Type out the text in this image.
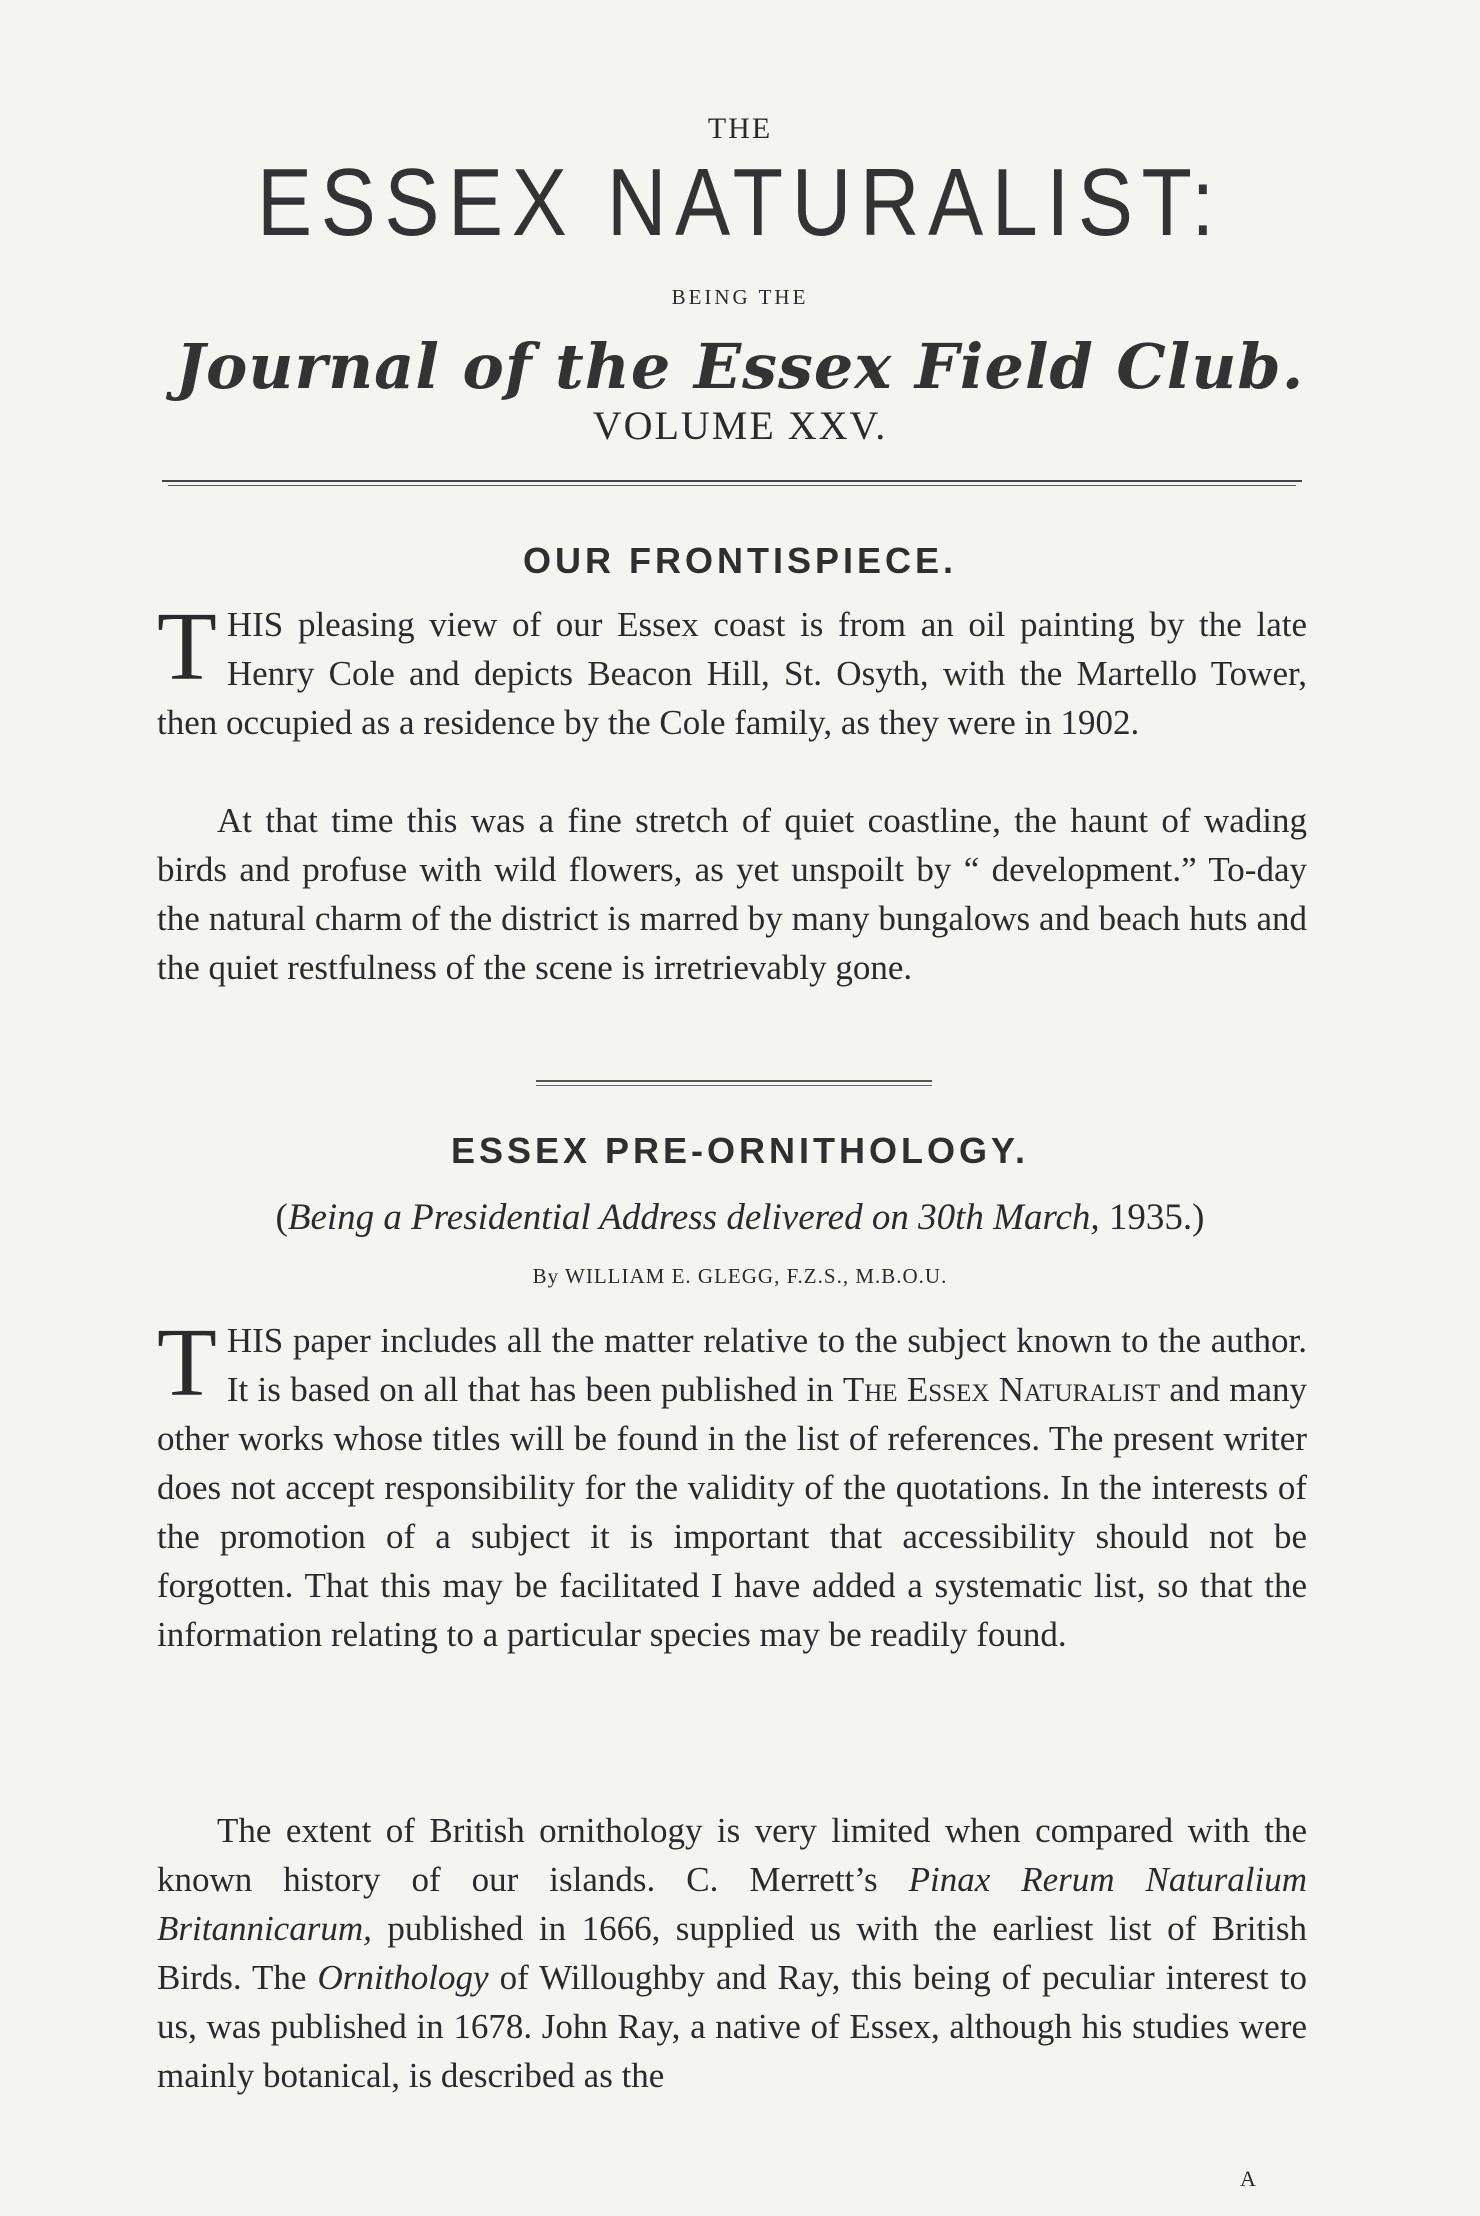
THE
ESSEX NATURALIST:
BEING THE
Journal of the Essex Field Club.
VOLUME XXV.
OUR FRONTISPIECE.

THIS pleasing view of our Essex coast is from an oil painting by the late Henry Cole and depicts Beacon Hill, St. Osyth, with the Martello Tower, then occupied as a residence by the Cole family, as they were in 1902.

At that time this was a fine stretch of quiet coastline, the haunt of wading birds and profuse with wild flowers, as yet unspoilt by “ development.” To-day the natural charm of the district is marred by many bungalows and beach huts and the quiet restfulness of the scene is irretrievably gone.

ESSEX PRE-ORNITHOLOGY.
(Being a Presidential Address delivered on 30th March, 1935.)
By WILLIAM E. GLEGG, F.Z.S., M.B.O.U.

THIS paper includes all the matter relative to the subject known to the author. It is based on all that has been published in The Essex Naturalist and many other works whose titles will be found in the list of references. The present writer does not accept responsibility for the validity of the quotations. In the interests of the promotion of a subject it is important that accessibility should not be forgotten. That this may be facilitated I have added a systematic list, so that the information relating to a particular species may be readily found.

The extent of British ornithology is very limited when compared with the known history of our islands. C. Merrett’s Pinax Rerum Naturalium Britannicarum, published in 1666, supplied us with the earliest list of British Birds. The Ornithology of Willoughby and Ray, this being of peculiar interest to us, was published in 1678. John Ray, a native of Essex, although his studies were mainly botanical, is described as the

A
